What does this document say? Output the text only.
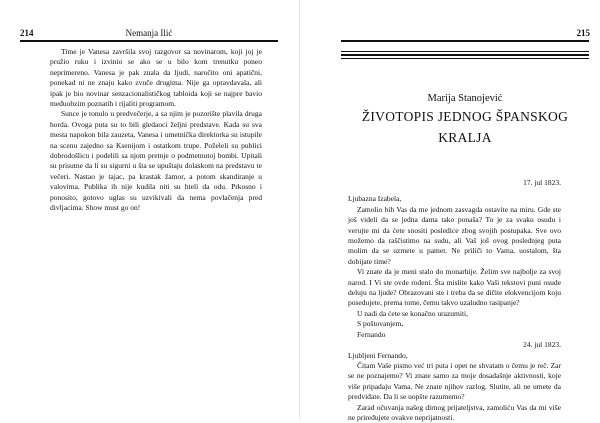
214	Nemanja Ilić

Time je Vanesa završila svoj razgovor sa novinarom, koji joj je pružio ruku i izvinio se ako se u bilo kom trenutku poneo neprimereno. Vanesa je pak znala da ljudi, naročito oni apatični, ponekad ni ne znaju kako zvuče drugima. Nije ga opravdavala, ali ipak je bio novinar senzacionalističkog tabloida koji se najpre bavio međuobzim poznatih i rijaliti programom.

Sunce je tonulo u predvečerje, a sa njim je pozorište plavila druga horda. Ovoga puta su to bili gledaoci željni predstave. Kada su sva mesta napokon bila zauzeta, Vanesa i umetnička direktorka su istupile na scenu zajedno sa Ksenijom i ostatkom trupe. Poželeli su publici dobrodošlicu i podelili sa njom pretnje o podmetnutoj bombi. Upitali su prisutne da li su sigurni u šta se upuštaju dolaskom na predstavu te večeri. Nastao je tajac, pa krastak žamor, a potom skandiranje u valovima. Publika ih nije kudila niti su hteli da odu. Prkosno i ponosito, gotovo uglas su uzvikivali da nema povlačenja pred divljacima. Show must go on!

215
Marija Stanojević
ŽIVOTOPIS JEDNOG ŠPANSKOG
KRALJA

17. jul 1823.

Ljubazna Izabela,

Zamolio bih Vas da me jednom zasvagda ostavite na miru. Gde ste još videli da se jedna dama tako ponaša? To je za svaku osudu i verujte mi da ćete snositi posledice zbog svojih postupaka. Sve ovo možemo da raščistimo na sudu, ali Vaš još ovog poslednjeg puta molim da se uzmete u pamet. Ne priliči to Vama, uostalom, šta dobijate time?

Vi znate da je meni stalo do monarhije. Želim sve najbolje za svoj narod. I Vi ste ovde rođeni. Šta mislite kako Vaši tekstovi puni osude deluju na ljude? Obrazovani ste i treba da se dičite elokvencijom koju posedujete, prema tome, čemu takvo uzaludno rasipanje?

U nadi da ćete se konačno urazumiti,

S poštovanjem,

Fernando

24. jul 1823.

Ljubljeni Fernando,

Čitam Vaše pismo već tri puta i opet ne shvatam o čemu je reč. Zar se ne poznajemo? Vi znate samo za moje dosadašnje aktivnosti, koje više pripadaju Vama. Ne znate njihov razlog. Slutite, ali ne umete da predviđate. Da li se uopšte razumemo?

Zarad očuvanja našeg dirnog prijateljstva, zamoliću Vas da mi više ne priređujete ovakve neprijatnosti.
